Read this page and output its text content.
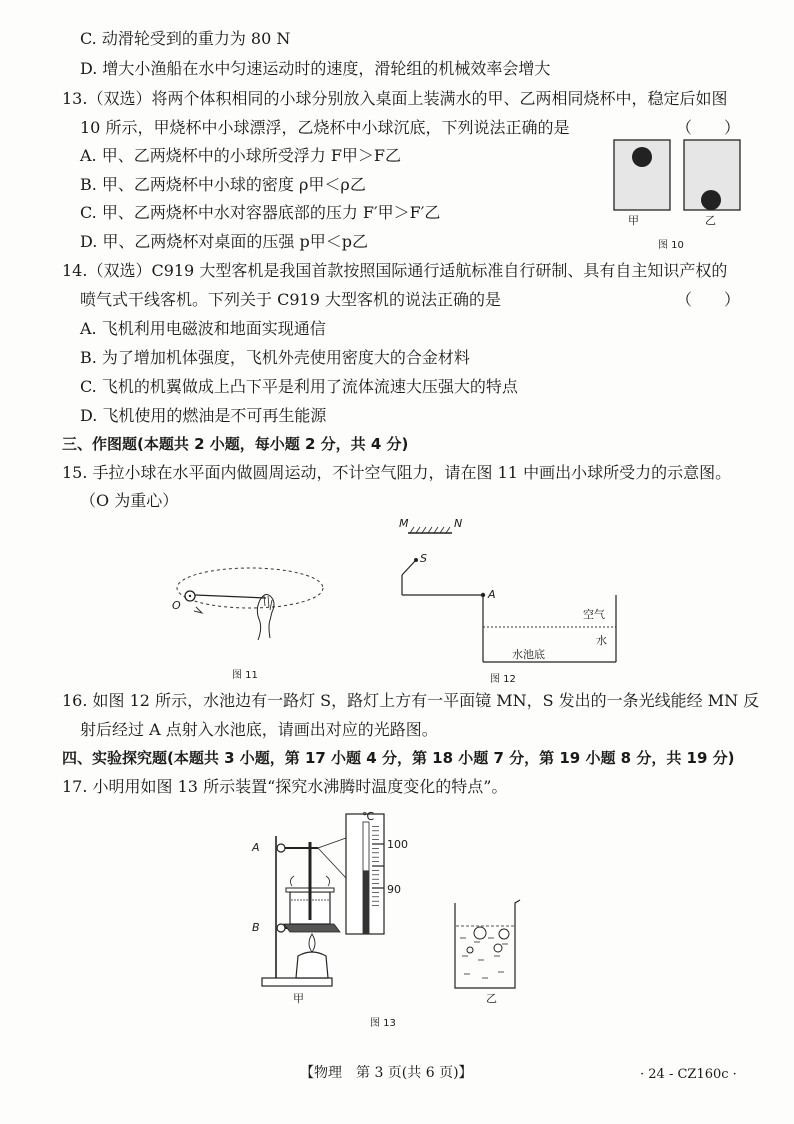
C. 动滑轮受到的重力为 80 N
D. 增大小渔船在水中匀速运动时的速度，滑轮组的机械效率会增大
13.（双选）将两个体积相同的小球分别放入桌面上装满水的甲、乙两相同烧杯中，稳定后如图
10 所示，甲烧杯中小球漂浮，乙烧杯中小球沉底，下列说法正确的是	（　　）
A. 甲、乙两烧杯中的小球所受浮力 F甲＞F乙
B. 甲、乙两烧杯中小球的密度 ρ甲＜ρ乙
C. 甲、乙两烧杯中水对容器底部的压力 F′甲＞F′乙
D. 甲、乙两烧杯对桌面的压强 p甲＜p乙
甲	乙
图 10
14.（双选）C919 大型客机是我国首款按照国际通行适航标准自行研制、具有自主知识产权的
喷气式干线客机。下列关于 C919 大型客机的说法正确的是	（　　）
A. 飞机利用电磁波和地面实现通信
B. 为了增加机体强度，飞机外壳使用密度大的合金材料
C. 飞机的机翼做成上凸下平是利用了流体流速大压强大的特点
D. 飞机使用的燃油是不可再生能源
三、作图题(本题共 2 小题，每小题 2 分，共 4 分)
15. 手拉小球在水平面内做圆周运动，不计空气阻力，请在图 11 中画出小球所受力的示意图。
（O 为重心）
O
图 11
M	N
S
A
空气
水
水池底
图 12
16. 如图 12 所示，水池边有一路灯 S，路灯上方有一平面镜 MN，S 发出的一条光线能经 MN 反
射后经过 A 点射入水池底，请画出对应的光路图。
四、实验探究题(本题共 3 小题，第 17 小题 4 分，第 18 小题 7 分，第 19 小题 8 分，共 19 分)
17. 小明用如图 13 所示装置“探究水沸腾时温度变化的特点”。
A
B
℃
100
90
甲	乙
图 13
【物理　第 3 页(共 6 页)】	· 24 - CZ160c ·
